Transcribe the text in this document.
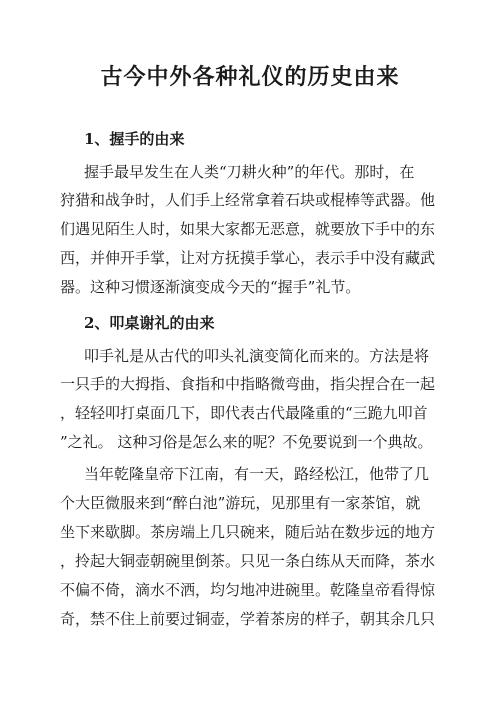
古今中外各种礼仪的历史由来
1、握手的由来

握手最早发生在人类“刀耕火种”的年代。那时，在

狩猎和战争时，人们手上经常拿着石块或棍棒等武器。他

们遇见陌生人时，如果大家都无恶意，就要放下手中的东

西，并伸开手掌，让对方抚摸手掌心，表示手中没有藏武

器。这种习惯逐渐演变成今天的“握手”礼节。

2、叩桌谢礼的由来

叩手礼是从古代的叩头礼演变简化而来的。方法是将

一只手的大拇指、食指和中指略微弯曲，指尖捏合在一起

，轻轻叩打桌面几下，即代表古代最隆重的“三跪九叩首

”之礼。 这种习俗是怎么来的呢？不免要说到一个典故。

当年乾隆皇帝下江南，有一天，路经松江，他带了几

个大臣微服来到“醉白池”游玩，见那里有一家茶馆，就

坐下来歇脚。茶房端上几只碗来，随后站在数步远的地方

，拎起大铜壶朝碗里倒茶。只见一条白练从天而降，茶水

不偏不倚，滴水不洒，均匀地冲进碗里。乾隆皇帝看得惊

奇，禁不住上前要过铜壶，学着茶房的样子，朝其余几只
